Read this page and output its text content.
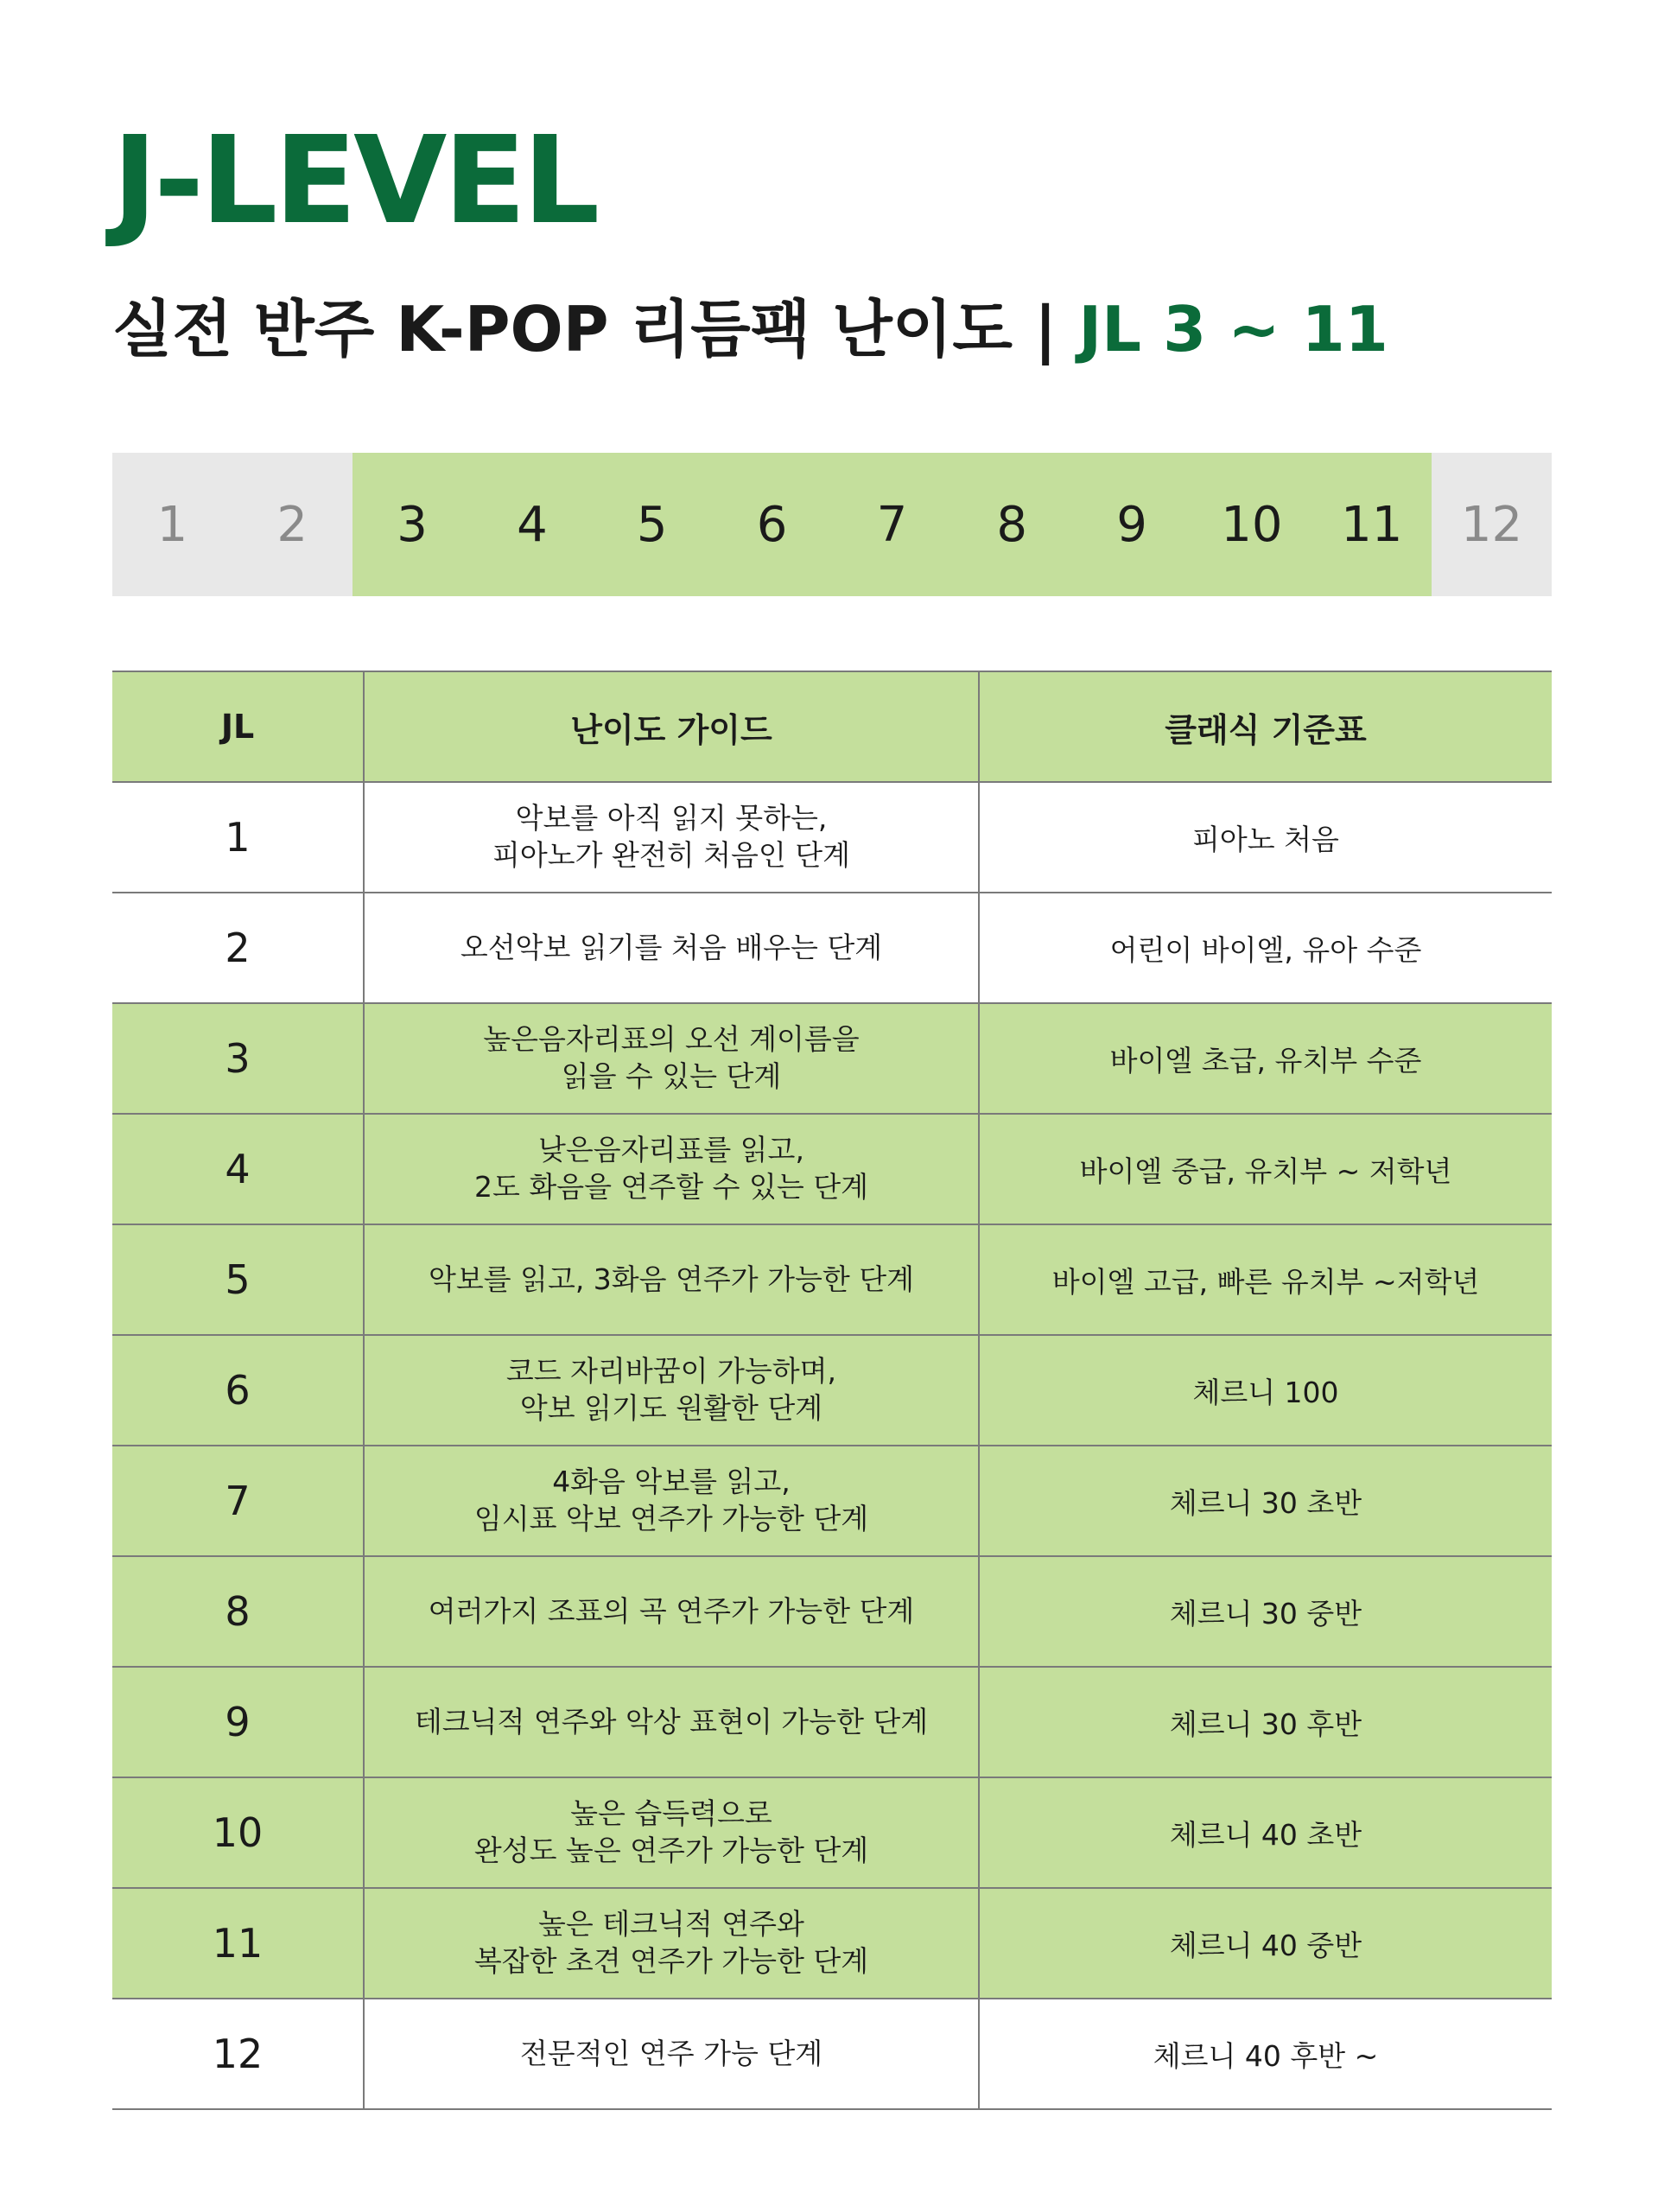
J-LEVEL
실전 반주 K-POP 리듬팩 난이도 | JL 3 ~ 11
1	2	3	4	5	6	7	8	9	10	11	12
JL	난이도 가이드	클래식 기준표
1	악보를 아직 읽지 못하는,
피아노가 완전히 처음인 단계	피아노 처음
2	오선악보 읽기를 처음 배우는 단계	어린이 바이엘, 유아 수준
3	높은음자리표의 오선 계이름을
읽을 수 있는 단계	바이엘 초급, 유치부 수준
4	낮은음자리표를 읽고,
2도 화음을 연주할 수 있는 단계	바이엘 중급, 유치부 ~ 저학년
5	악보를 읽고, 3화음 연주가 가능한 단계	바이엘 고급, 빠른 유치부 ~저학년
6	코드 자리바꿈이 가능하며,
악보 읽기도 원활한 단계	체르니 100
7	4화음 악보를 읽고,
임시표 악보 연주가 가능한 단계	체르니 30 초반
8	여러가지 조표의 곡 연주가 가능한 단계	체르니 30 중반
9	테크닉적 연주와 악상 표현이 가능한 단계	체르니 30 후반
10	높은 습득력으로
완성도 높은 연주가 가능한 단계	체르니 40 초반
11	높은 테크닉적 연주와
복잡한 초견 연주가 가능한 단계	체르니 40 중반
12	전문적인 연주 가능 단계	체르니 40 후반 ~
